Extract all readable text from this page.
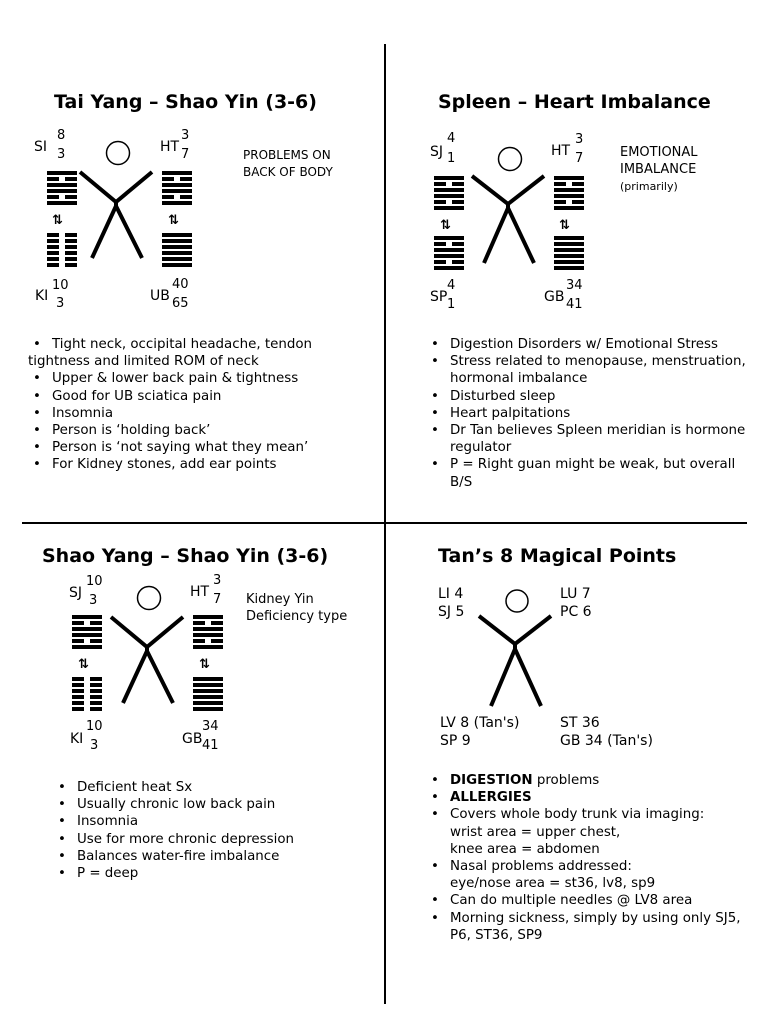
Tai Yang – Shao Yin (3-6)
SI
8
3	HT
3
7
KI
10
3	UB
40
65
⇅	⇅
PROBLEMS ON BACK OF BODY
• Tight neck, occipital headache, tendon tightness and limited ROM of neck
• Upper & lower back pain & tightness
• Good for UB sciatica pain
• Insomnia
• Person is ‘holding back’
• Person is ‘not saying what they mean’
• For Kidney stones, add ear points
Spleen – Heart Imbalance
SJ
4
1	HT
3
7
SP
4
1	GB
34
41
⇅	⇅
EMOTIONAL
IMBALANCE
(primarily)
• Digestion Disorders w/ Emotional Stress
• Stress related to menopause, menstruation, hormonal imbalance
• Disturbed sleep
• Heart palpitations
• Dr Tan believes Spleen meridian is hormone regulator
• P = Right guan might be weak, but overall B/S
Shao Yang – Shao Yin (3-6)
SJ
10
3
HT
3
7
KI
10
3	GB
34
41
⇅	⇅
Kidney Yin
Deficiency type
• Deficient heat Sx
• Usually chronic low back pain
• Insomnia
• Use for more chronic depression
• Balances water-fire imbalance
• P = deep
Tan’s 8 Magical Points
LI 4
SJ 5
LU 7
PC 6
LV 8 (Tan's)
SP 9
ST 36
GB 34 (Tan's)
• DIGESTION problems
• ALLERGIES
• Covers whole body trunk via imaging:
wrist area = upper chest,
knee area = abdomen
• Nasal problems addressed:
eye/nose area = st36, lv8, sp9
• Can do multiple needles @ LV8 area
• Morning sickness, simply by using only SJ5, P6, ST36, SP9
